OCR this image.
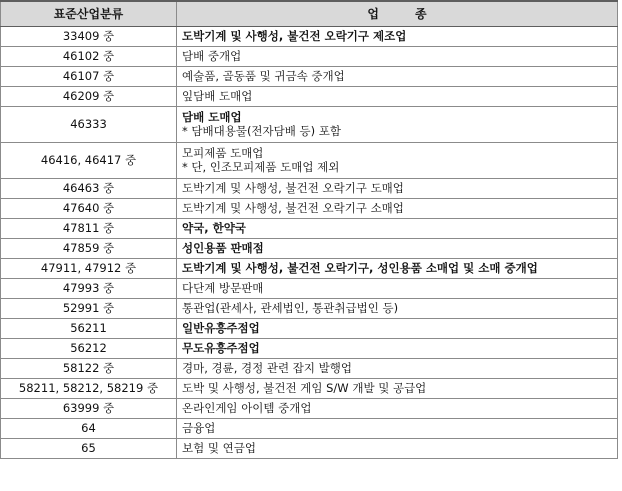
표준산업분류	업 종
33409 중	도박기계 및 사행성, 불건전 오락기구 제조업
46102 중	담배 중개업
46107 중	예술품, 골동품 및 귀금속 중개업
46209 중	잎담배 도매업
46333	담배 도매업
* 담배대용물(전자담배 등) 포함

46416, 46417 중	모피제품 도매업
* 단, 인조모피제품 도매업 제외

46463 중	도박기계 및 사행성, 불건전 오락기구 도매업
47640 중	도박기계 및 사행성, 불건전 오락기구 소매업
47811 중	약국, 한약국
47859 중	성인용품 판매점
47911, 47912 중	도박기계 및 사행성, 불건전 오락기구, 성인용품 소매업 및 소매 중개업
47993 중	다단계 방문판매
52991 중	통관업(관세사, 관세법인, 통관취급법인 등)
56211	일반유흥주점업
56212	무도유흥주점업
58122 중	경마, 경륜, 경정 관련 잡지 발행업
58211, 58212, 58219 중	도박 및 사행성, 불건전 게임 S/W 개발 및 공급업
63999 중	온라인게임 아이템 중개업
64	금융업
65	보험 및 연금업
